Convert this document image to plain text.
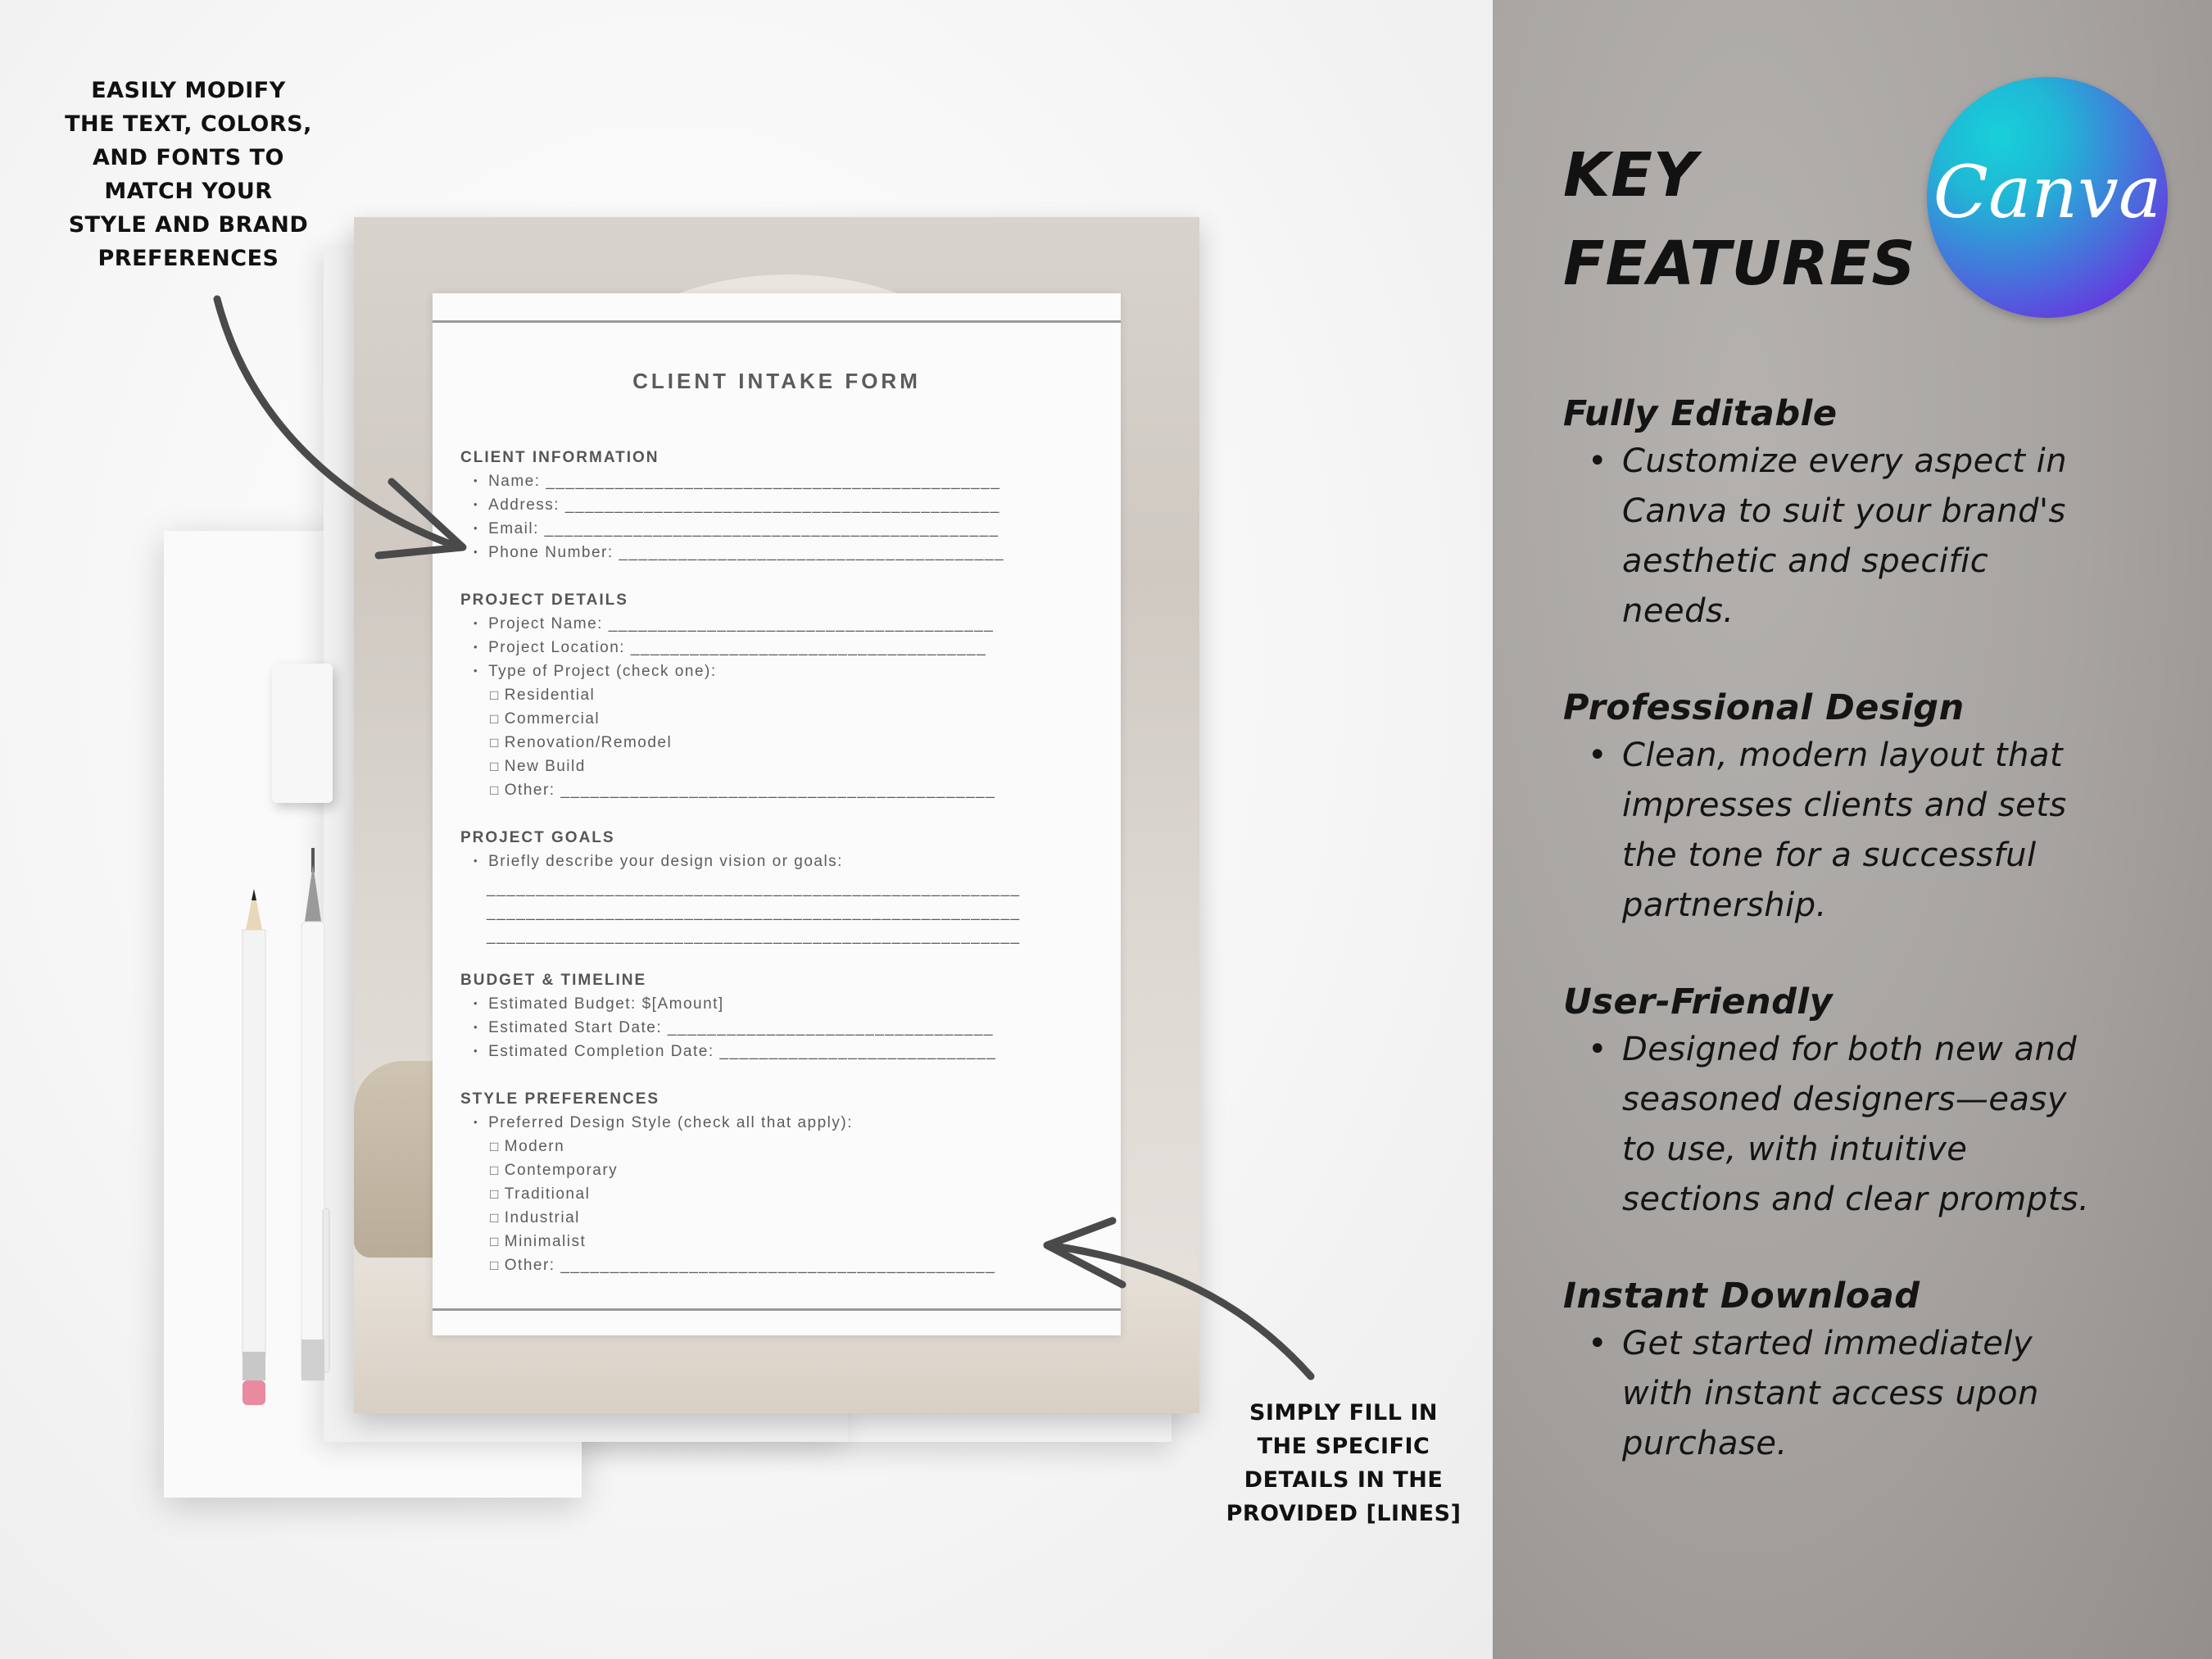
EASILY MODIFY
THE TEXT, COLORS,
AND FONTS TO
MATCH YOUR
STYLE AND BRAND
PREFERENCES
SIMPLY FILL IN
THE SPECIFIC
DETAILS IN THE
PROVIDED [LINES]
CLIENT INTAKE FORM
CLIENT INFORMATION
• Name: ______________________________________________
• Address: ____________________________________________
• Email: ______________________________________________
• Phone Number: _______________________________________
PROJECT DETAILS
• Project Name: _______________________________________
• Project Location: ____________________________________
• Type of Project (check one):
□ Residential
□ Commercial
□ Renovation/Remodel
□ New Build
□ Other: ____________________________________________
PROJECT GOALS
• Briefly describe your design vision or goals:
______________________________________________________
______________________________________________________
______________________________________________________
BUDGET & TIMELINE
• Estimated Budget: $[Amount]
• Estimated Start Date: _________________________________
• Estimated Completion Date: ____________________________
STYLE PREFERENCES
• Preferred Design Style (check all that apply):
□ Modern
□ Contemporary
□ Traditional
□ Industrial
□ Minimalist
□ Other: ____________________________________________
KEY
FEATURES
Canva
Fully Editable
• Customize every aspect in
Canva to suit your brand's
aesthetic and specific
needs.
Professional Design
• Clean, modern layout that
impresses clients and sets
the tone for a successful
partnership.
User-Friendly
• Designed for both new and
seasoned designers—easy
to use, with intuitive
sections and clear prompts.
Instant Download
• Get started immediately
with instant access upon
purchase.
